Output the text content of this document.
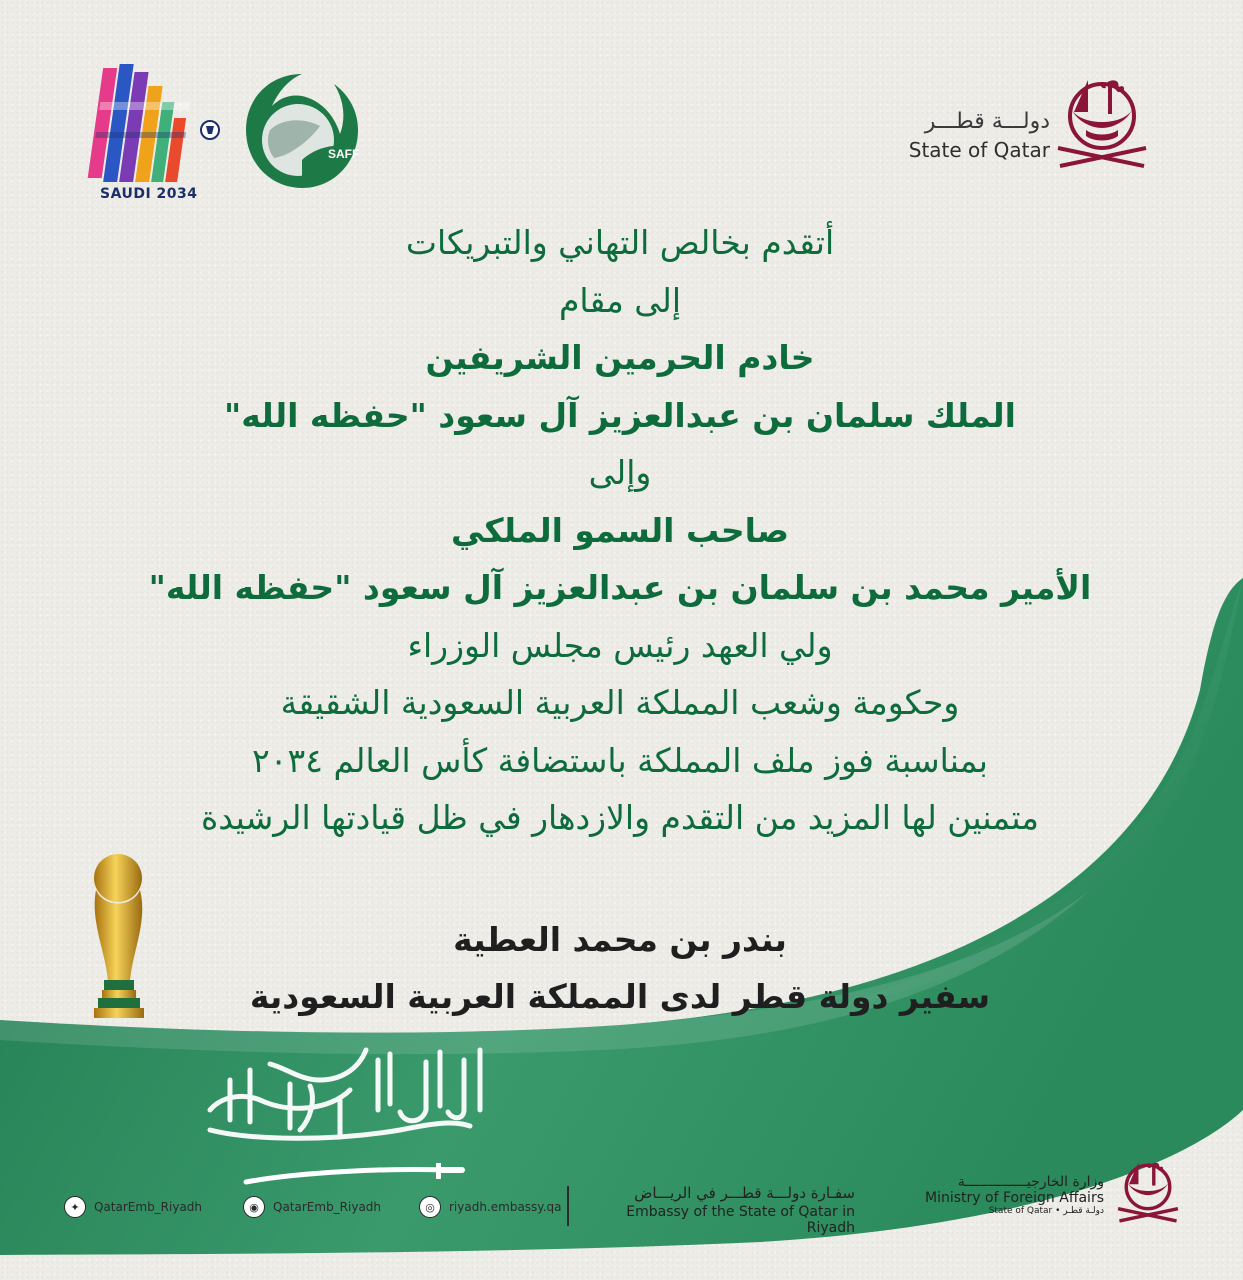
SAUDI 2034
SAFF
دولـــة قطـــر
State of Qatar
أتقدم بخالص التهاني والتبريكات
إلى مقام
خادم الحرمين الشريفين
الملك سلمان بن عبدالعزيز آل سعود "حفظه الله"
وإلى
صاحب السمو الملكي
الأمير محمد بن سلمان بن عبدالعزيز آل سعود "حفظه الله"
ولي العهد رئيس مجلس الوزراء
وحكومة وشعب المملكة العربية السعودية الشقيقة
بمناسبة فوز ملف المملكة باستضافة كأس العالم ٢٠٣٤
متمنين لها المزيد من التقدم والازدهار في ظل قيادتها الرشيدة
بندر بن محمد العطية
سفير دولة قطر لدى المملكة العربية السعودية
✦	QatarEmb_Riyadh	◉	QatarEmb_Riyadh	◎	riyadh.embassy.qa
سفـارة دولـــة قطـــر في الريـــاض
Embassy of the State of Qatar in Riyadh
وزارة الخارجيـــــــــــــــة
Ministry of Foreign Affairs
State of Qatar • دولـة قطـر
